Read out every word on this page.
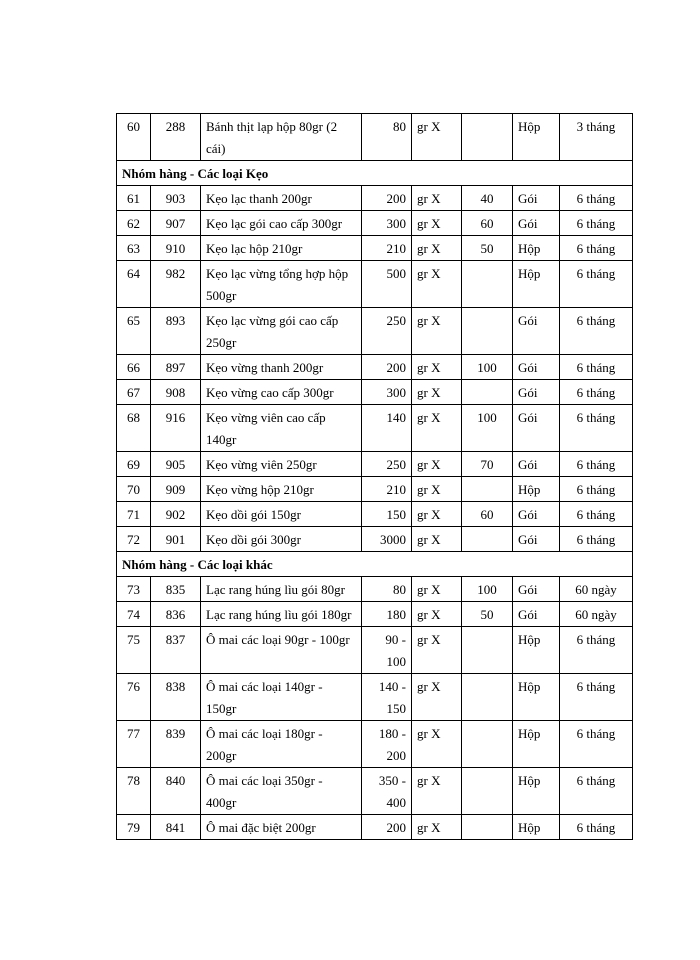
60	288	Bánh thịt lạp hộp 80gr (2 cái)	80	gr X		Hộp	3 tháng
Nhóm hàng - Các loại Kẹo							
61	903	Kẹo lạc thanh 200gr	200	gr X	40	Gói	6 tháng
62	907	Kẹo lạc gói cao cấp 300gr	300	gr X	60	Gói	6 tháng
63	910	Kẹo lạc hộp 210gr	210	gr X	50	Hộp	6 tháng
64	982	Kẹo lạc vừng tổng hợp hộp 500gr	500	gr X		Hộp	6 tháng
65	893	Kẹo lạc vừng gói cao cấp 250gr	250	gr X		Gói	6 tháng
66	897	Kẹo vừng thanh 200gr	200	gr X	100	Gói	6 tháng
67	908	Kẹo vừng cao cấp 300gr	300	gr X		Gói	6 tháng
68	916	Kẹo vừng viên cao cấp 140gr	140	gr X	100	Gói	6 tháng
69	905	Kẹo vừng viên 250gr	250	gr X	70	Gói	6 tháng
70	909	Kẹo vừng hộp 210gr	210	gr X		Hộp	6 tháng
71	902	Kẹo dồi gói 150gr	150	gr X	60	Gói	6 tháng
72	901	Kẹo dồi gói 300gr	3000	gr X		Gói	6 tháng
Nhóm hàng - Các loại khác							
73	835	Lạc rang húng lìu gói 80gr	80	gr X	100	Gói	60 ngày
74	836	Lạc rang húng lìu gói 180gr	180	gr X	50	Gói	60 ngày
75	837	Ô mai các loại 90gr - 100gr	90 - 100	gr X		Hộp	6 tháng
76	838	Ô mai các loại 140gr - 150gr	140 - 150	gr X		Hộp	6 tháng
77	839	Ô mai các loại 180gr - 200gr	180 - 200	gr X		Hộp	6 tháng
78	840	Ô mai các loại 350gr - 400gr	350 - 400	gr X		Hộp	6 tháng
79	841	Ô mai đặc biệt 200gr	200	gr X		Hộp	6 tháng
